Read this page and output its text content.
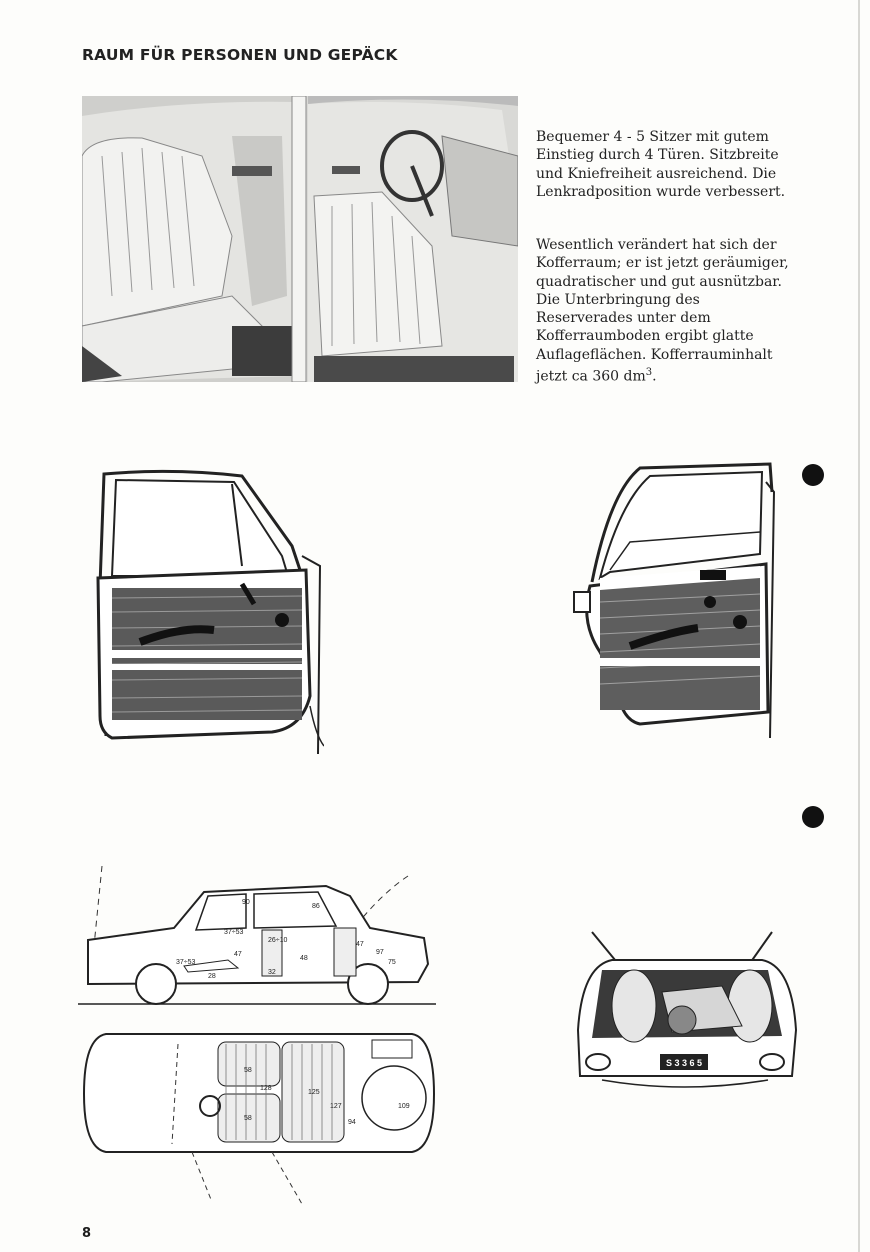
RAUM FÜR PERSONEN UND GEPÄCK
Bequemer 4 - 5 Sitzer mit gutem Einstieg durch 4 Türen. Sitzbreite und Kniefreiheit ausreichend. Die Lenkradposition wurde verbessert.
Wesentlich verändert hat sich der Kofferraum; er ist jetzt geräumiger, quadratischer und gut ausnützbar. Die Unterbringung des Reserverades unter dem Kofferraumboden ergibt glatte Auflageflächen. Kofferrauminhalt jetzt ca 360 $dm^3$.
90
86
37÷53
26÷10
37÷53
47
48
47
97
75
28
32
58
128
58
125
127
94
109
S 3 3 6 5
8
